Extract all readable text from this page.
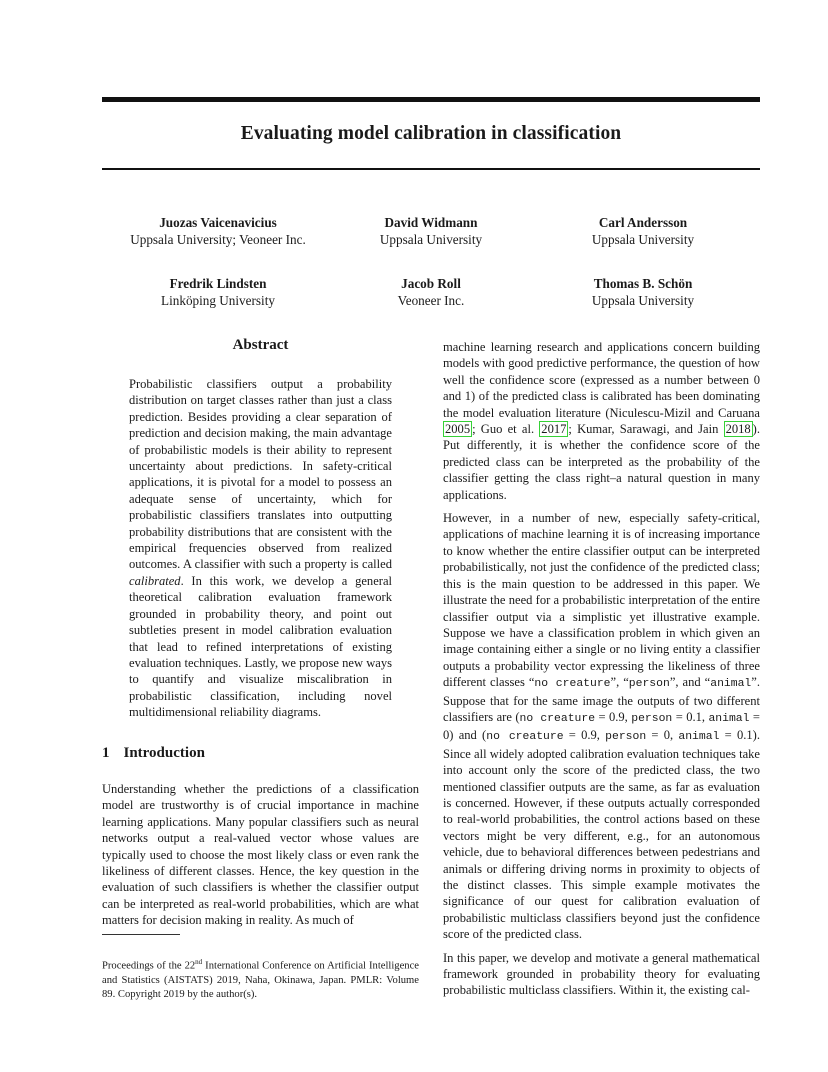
Evaluating model calibration in classification
Juozas Vaicenavicius
Uppsala University; Veoneer Inc.
David Widmann
Uppsala University
Carl Andersson
Uppsala University
Fredrik Lindsten
Linköping University
Jacob Roll
Veoneer Inc.
Thomas B. Schön
Uppsala University
Abstract

Probabilistic classifiers output a probability distribution on target classes rather than just a class prediction. Besides providing a clear separation of prediction and decision making, the main advantage of probabilistic models is their ability to represent uncertainty about predictions. In safety-critical applications, it is pivotal for a model to possess an adequate sense of uncertainty, which for probabilistic classifiers translates into outputting probability distributions that are consistent with the empirical frequencies observed from realized outcomes. A classifier with such a property is called calibrated. In this work, we develop a general theoretical calibration evaluation framework grounded in probability theory, and point out subtleties present in model calibration evaluation that lead to refined interpretations of existing evaluation techniques. Lastly, we propose new ways to quantify and visualize miscalibration in probabilistic classification, including novel multidimensional reliability diagrams.

1 Introduction

Understanding whether the predictions of a classification model are trustworthy is of crucial importance in machine learning applications. Many popular classifiers such as neural networks output a real-valued vector whose values are typically used to choose the most likely class or even rank the likeliness of different classes. Hence, the key question in the evaluation of such classifiers is whether the classifier output can be interpreted as real-world probabilities, which are what matters for decision making in reality. As much of

Proceedings of the 22nd International Conference on Artificial Intelligence and Statistics (AISTATS) 2019, Naha, Okinawa, Japan. PMLR: Volume 89. Copyright 2019 by the author(s).

machine learning research and applications concern building models with good predictive performance, the question of how well the confidence score (expressed as a number between 0 and 1) of the predicted class is calibrated has been dominating the model evaluation literature (Niculescu-Mizil and Caruana 2005 ; Guo et al. 2017 ; Kumar, Sarawagi, and Jain 2018 ). Put differently, it is whether the confidence score of the predicted class can be interpreted as the probability of the classifier getting the class right–a natural question in many applications.

However, in a number of new, especially safety-critical, applications of machine learning it is of increasing importance to know whether the entire classifier output can be interpreted probabilistically, not just the confidence of the predicted class; this is the main question to be addressed in this paper. We illustrate the need for a probabilistic interpretation of the entire classifier output via a simplistic yet illustrative example. Suppose we have a classification problem in which given an image containing either a single or no living entity a classifier outputs a probability vector expressing the likeliness of three different classes “no creature”, “person”, and “animal”. Suppose that for the same image the outputs of two different classifiers are (no creature = 0.9, person = 0.1, animal = 0) and (no creature = 0.9, person = 0, animal = 0.1). Since all widely adopted calibration evaluation techniques take into account only the score of the predicted class, the two mentioned classifier outputs are the same, as far as evaluation is concerned. However, if these outputs actually corresponded to real-world probabilities, the control actions based on these vectors might be very different, e.g., for an autonomous vehicle, due to behavioral differences between pedestrians and animals or differing driving norms in proximity to objects of the distinct classes. This simple example motivates the significance of our quest for calibration evaluation of probabilistic multiclass classifiers beyond just the confidence score of the predicted class.

In this paper, we develop and motivate a general mathematical framework grounded in probability theory for evaluating probabilistic multiclass classifiers. Within it, the existing cal-
